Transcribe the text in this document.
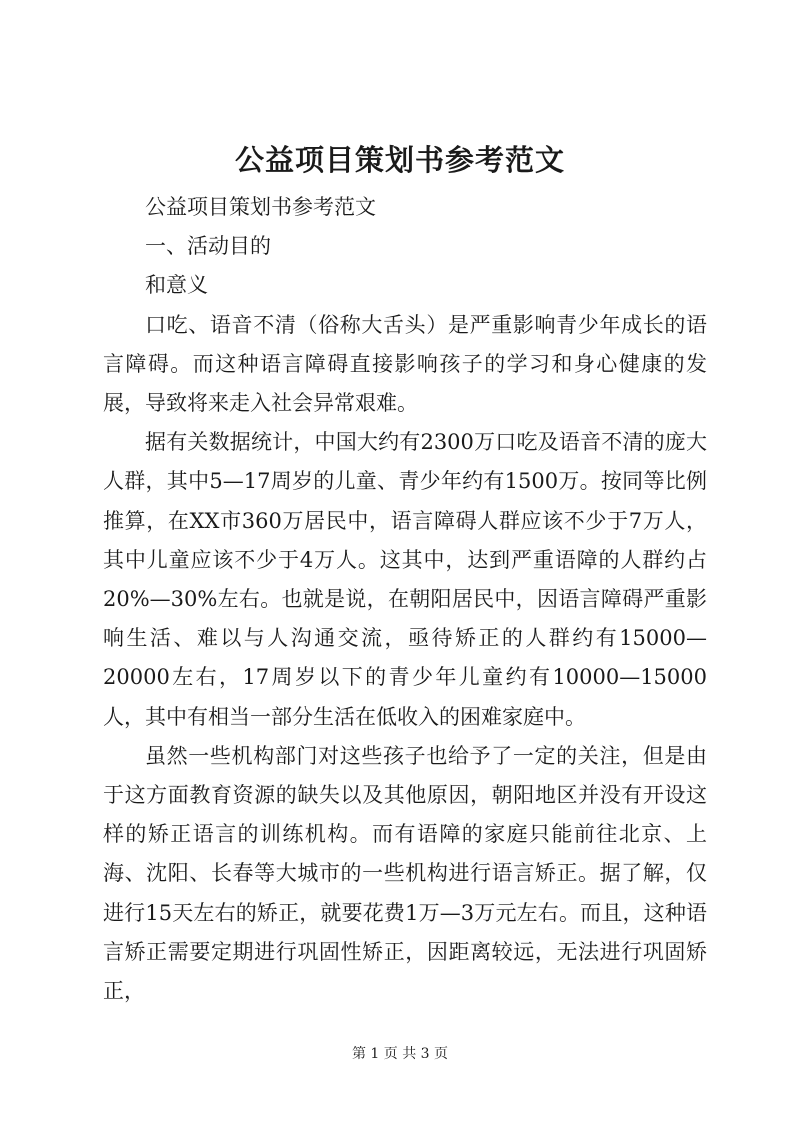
公益项目策划书参考范文

公益项目策划书参考范文

一、活动目的

和意义

口吃、语音不清（俗称大舌头）是严重影响青少年成长的语言障碍。而这种语言障碍直接影响孩子的学习和身心健康的发展，导致将来走入社会异常艰难。

据有关数据统计，中国大约有2300万口吃及语音不清的庞大人群，其中5—17周岁的儿童、青少年约有1500万。按同等比例推算，在XX市360万居民中，语言障碍人群应该不少于7万人，其中儿童应该不少于4万人。这其中，达到严重语障的人群约占20%—30%左右。也就是说，在朝阳居民中，因语言障碍严重影响生活、难以与人沟通交流，亟待矫正的人群约有15000—20000左右，17周岁以下的青少年儿童约有10000—15000人，其中有相当一部分生活在低收入的困难家庭中。

虽然一些机构部门对这些孩子也给予了一定的关注，但是由于这方面教育资源的缺失以及其他原因，朝阳地区并没有开设这样的矫正语言的训练机构。而有语障的家庭只能前往北京、上海、沈阳、长春等大城市的一些机构进行语言矫正。据了解，仅进行15天左右的矫正，就要花费1万—3万元左右。而且，这种语言矫正需要定期进行巩固性矫正，因距离较远，无法进行巩固矫正，

第 1 页 共 3 页
